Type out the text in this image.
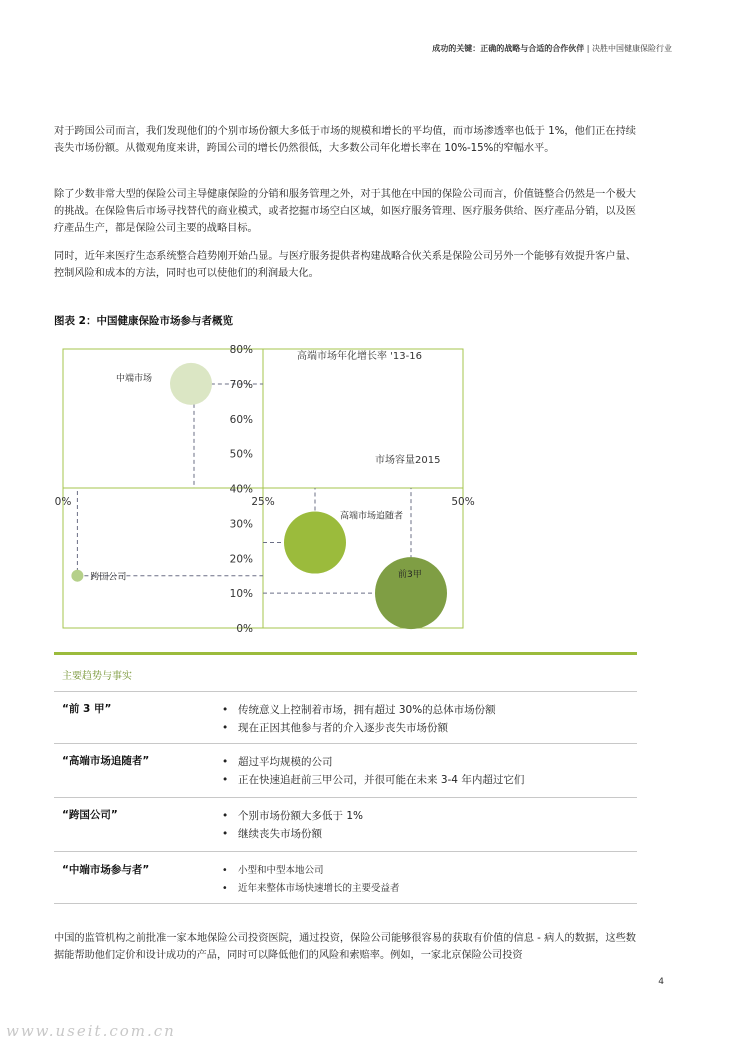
成功的关键：正确的战略与合适的合作伙伴 | 决胜中国健康保险行业
对于跨国公司而言，我们发现他们的个别市场份额大多低于市场的规模和增长的平均值，而市场渗透率也低于 1%，他们正在持续丧失市场份额。从微观角度来讲，跨国公司的增长仍然很低，大多数公司年化增长率在 10%-15%的窄幅水平。
除了少数非常大型的保险公司主导健康保险的分销和服务管理之外，对于其他在中国的保险公司而言，价值链整合仍然是一个极大的挑战。在保险售后市场寻找替代的商业模式，或者挖掘市场空白区域，如医疗服务管理、医疗服务供给、医疗產品分销，以及医疗產品生产，都是保险公司主要的战略目标。
同时，近年来医疗生态系统整合趋势刚开始凸显。与医疗服务提供者构建战略合伙关系是保险公司另外一个能够有效提升客户量、控制风险和成本的方法，同时也可以使他们的利润最大化。
图表 2：中国健康保险市场参与者概览
0%
10%
20%
30%
40%
50%
60%
70%
80%
0%	25%	50%
高端市场年化增长率 '13-16
市场容量2015
中端市场
跨国公司
高端市场追随者
前3甲
主要趋势与事实
“前 3 甲”	• 传统意义上控制着市场，拥有超过 30%的总体市场份额
• 现在正因其他参与者的介入逐步丧失市场份额
“高端市场追随者”	• 超过平均规模的公司
• 正在快速追赶前三甲公司，并很可能在未来 3-4 年内超过它们
“跨国公司”	• 个别市场份额大多低于 1%
• 继续丧失市场份额
“中端市场参与者”	•	小型和中型本地公司
•	近年来整体市场快速增长的主要受益者
中国的监管机构之前批准一家本地保险公司投资医院，通过投资，保险公司能够很容易的获取有价值的信息 - 病人的数据，这些数据能帮助他们定价和设计成功的产品，同时可以降低他们的风险和索赔率。例如，一家北京保险公司投资
4
www.useit.com.cn
